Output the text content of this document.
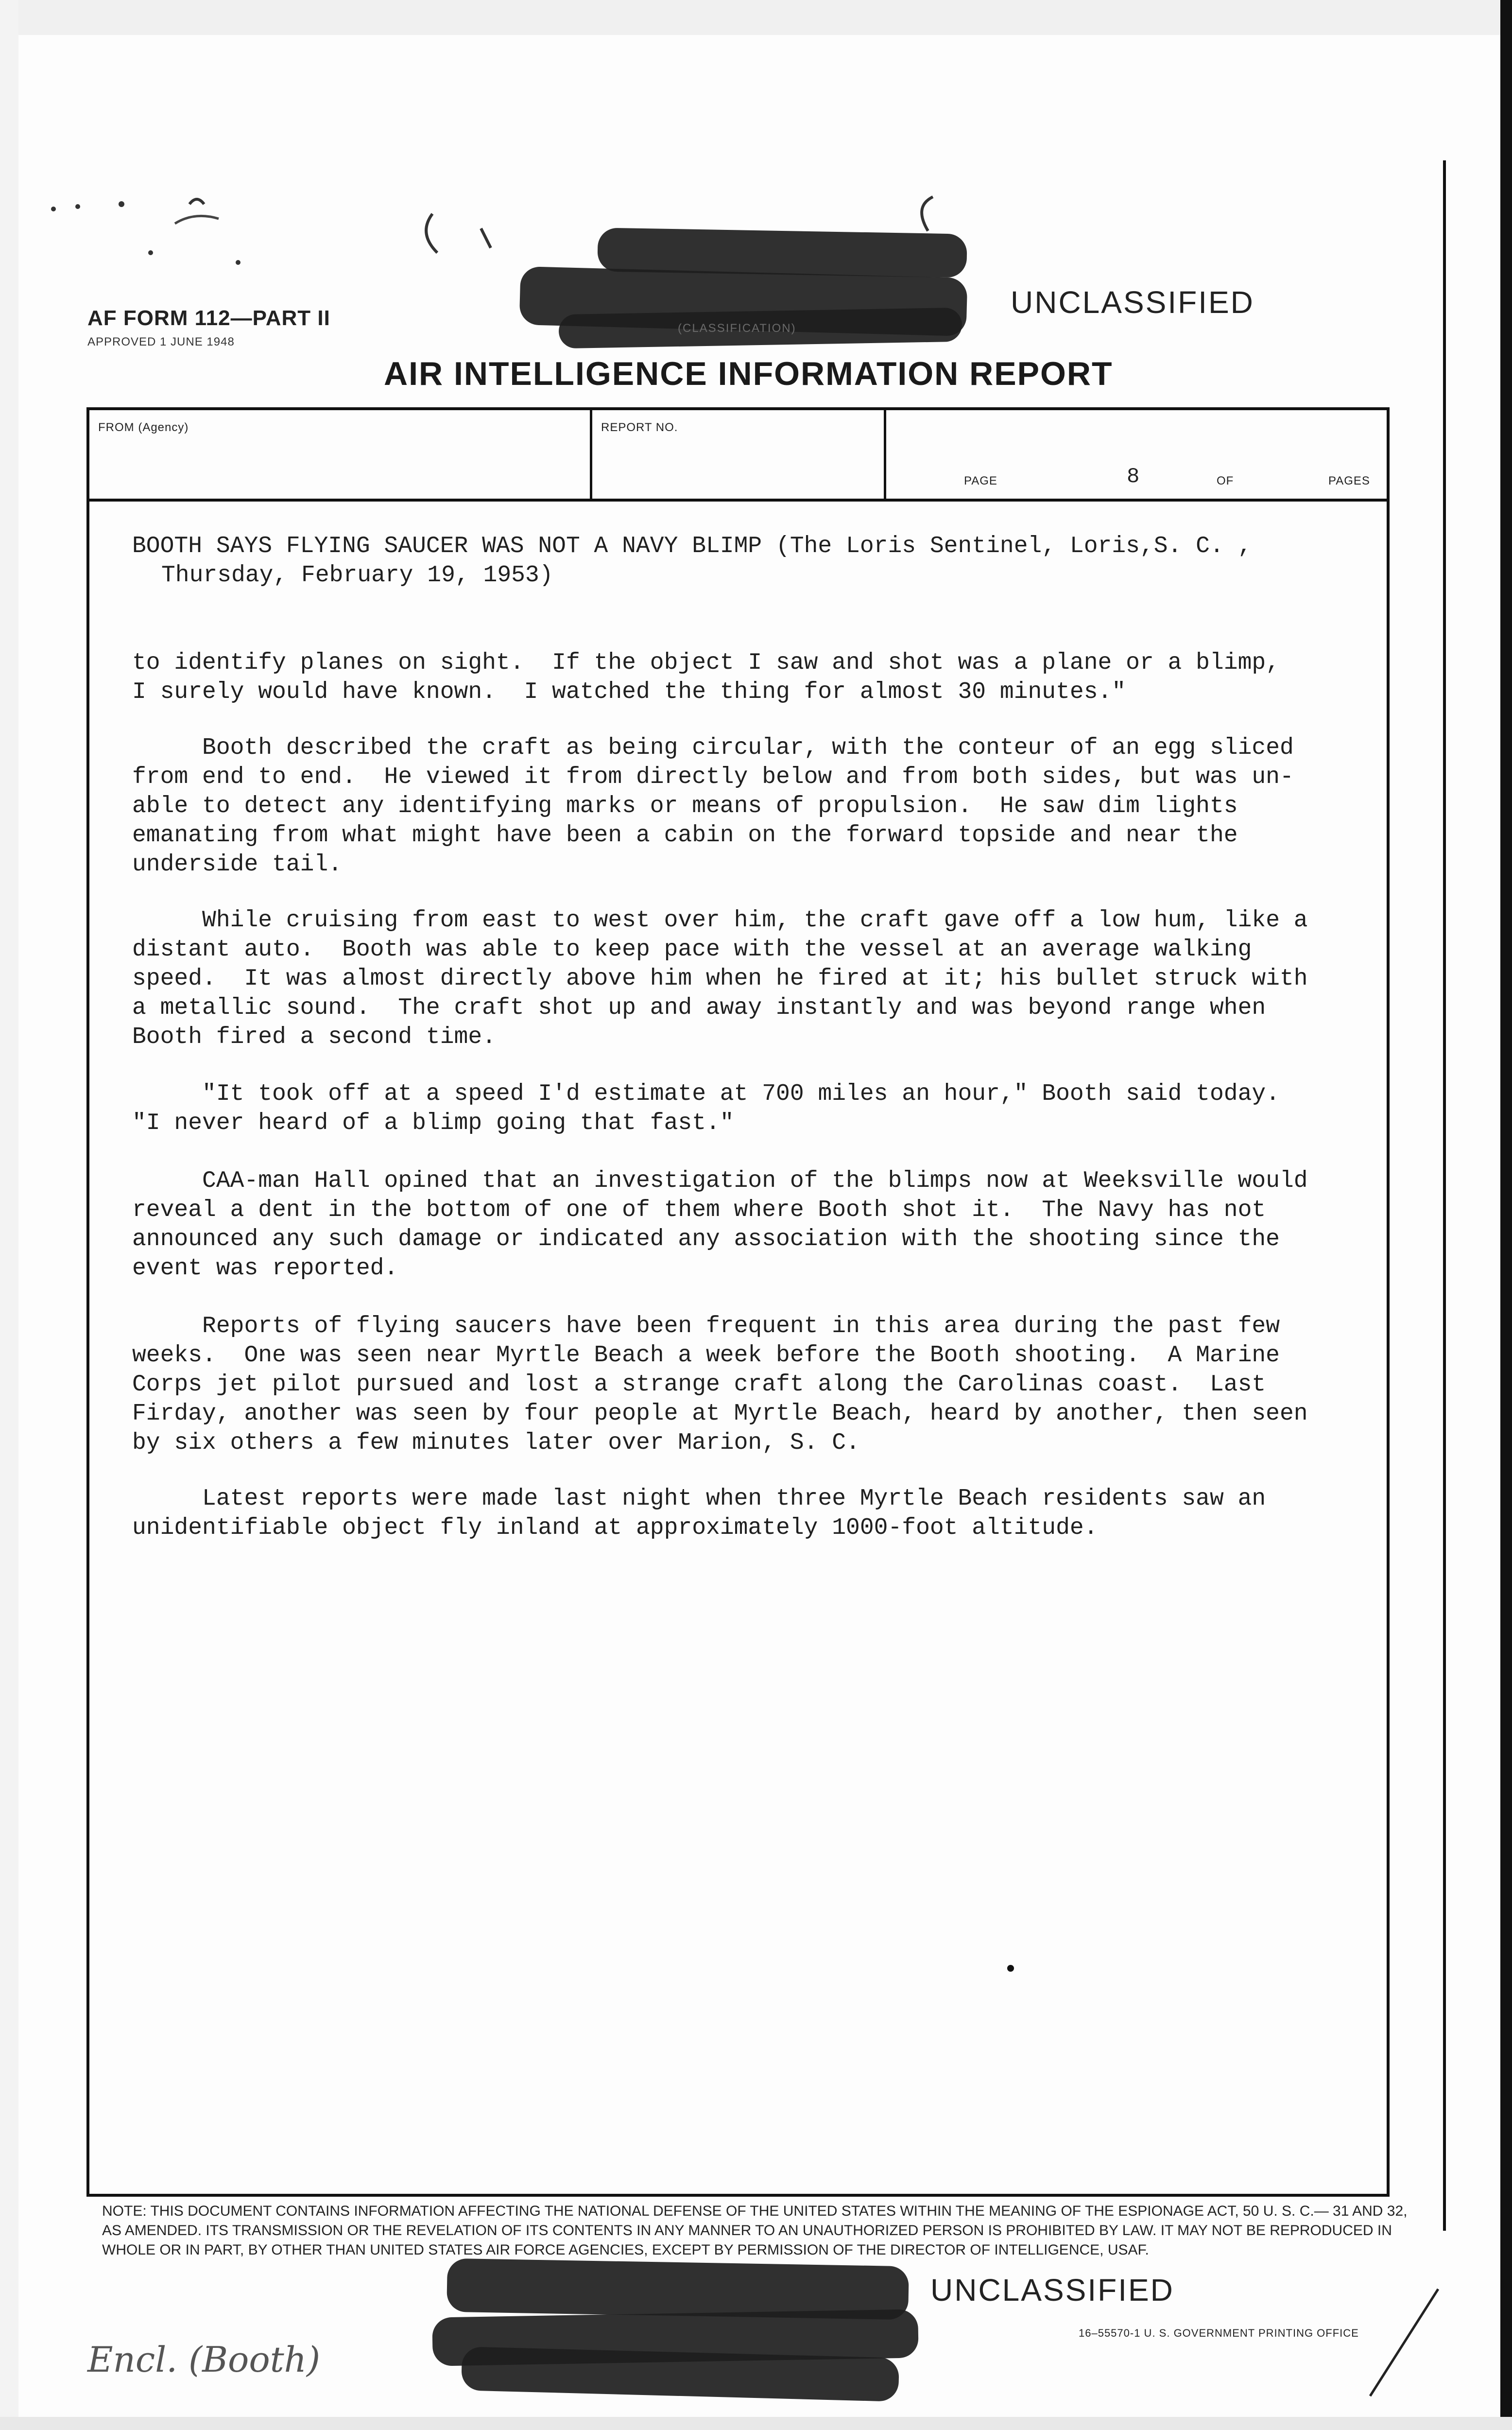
AF FORM 112—PART II
APPROVED 1 JUNE 1948
(CLASSIFICATION)
UNCLASSIFIED
AIR INTELLIGENCE INFORMATION REPORT
FROM (Agency)	REPORT NO.
PAGE	8	OF	PAGES
BOOTH SAYS FLYING SAUCER WAS NOT A NAVY BLIMP (The Loris Sentinel, Loris,S. C. ,
Thursday, February 19, 1953)
to identify planes on sight.  If the object I saw and shot was a plane or a blimp,
I surely would have known.  I watched the thing for almost 30 minutes."
Booth described the craft as being circular, with the conteur of an egg sliced
from end to end.  He viewed it from directly below and from both sides, but was un-
able to detect any identifying marks or means of propulsion.  He saw dim lights
emanating from what might have been a cabin on the forward topside and near the
underside tail.
While cruising from east to west over him, the craft gave off a low hum, like a
distant auto.  Booth was able to keep pace with the vessel at an average walking
speed.  It was almost directly above him when he fired at it; his bullet struck with
a metallic sound.  The craft shot up and away instantly and was beyond range when
Booth fired a second time.
"It took off at a speed I'd estimate at 700 miles an hour," Booth said today.
"I never heard of a blimp going that fast."
CAA-man Hall opined that an investigation of the blimps now at Weeksville would
reveal a dent in the bottom of one of them where Booth shot it.  The Navy has not
announced any such damage or indicated any association with the shooting since the
event was reported.
Reports of flying saucers have been frequent in this area during the past few
weeks.  One was seen near Myrtle Beach a week before the Booth shooting.  A Marine
Corps jet pilot pursued and lost a strange craft along the Carolinas coast.  Last
Firday, another was seen by four people at Myrtle Beach, heard by another, then seen
by six others a few minutes later over Marion, S. C.
Latest reports were made last night when three Myrtle Beach residents saw an
unidentifiable object fly inland at approximately 1000-foot altitude.
NOTE: THIS DOCUMENT CONTAINS INFORMATION AFFECTING THE NATIONAL DEFENSE OF THE UNITED STATES WITHIN THE MEANING OF THE ESPIONAGE ACT, 50 U. S. C.— 31 AND 32, AS AMENDED. ITS TRANSMISSION OR THE REVELATION OF ITS CONTENTS IN ANY MANNER TO AN UNAUTHORIZED PERSON IS PROHIBITED BY LAW. IT MAY NOT BE REPRODUCED IN WHOLE OR IN PART, BY OTHER THAN UNITED STATES AIR FORCE AGENCIES, EXCEPT BY PERMISSION OF THE DIRECTOR OF INTELLIGENCE, USAF.
UNCLASSIFIED
16–55570-1 U. S. GOVERNMENT PRINTING OFFICE
Encl. (Booth)
